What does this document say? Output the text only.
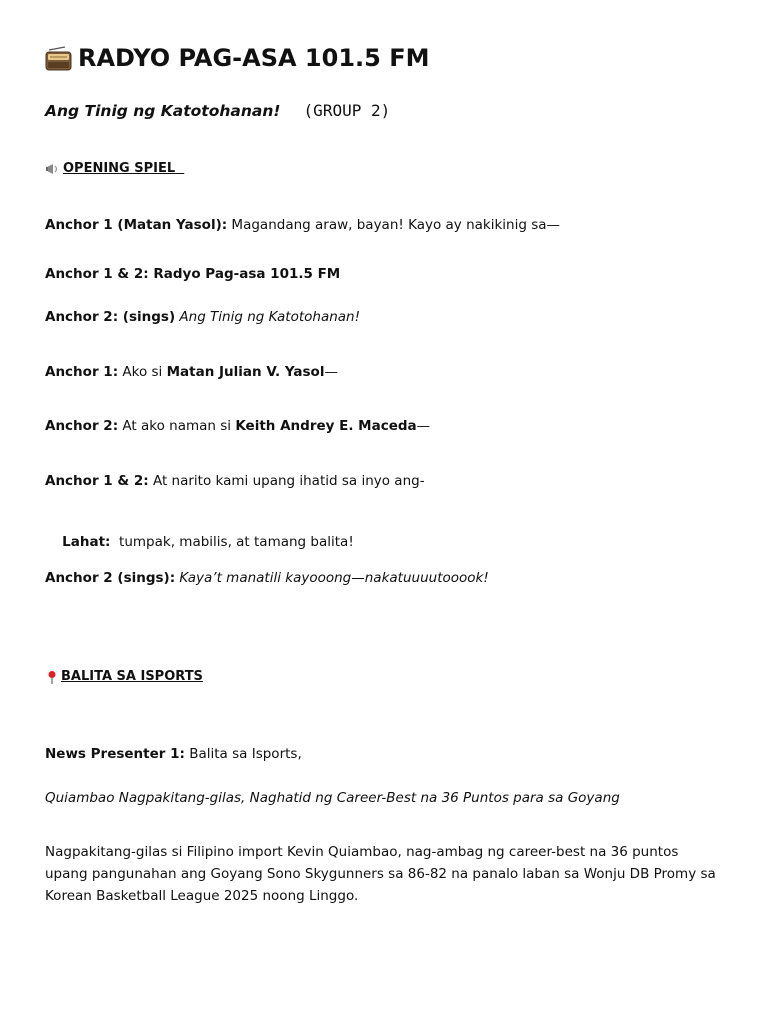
RADYO PAG-ASA 101.5 FM
Ang Tinig ng Katotohanan! (GROUP 2)
OPENING SPIEL

Anchor 1 (Matan Yasol): Magandang araw, bayan! Kayo ay nakikinig sa—
Anchor 1 & 2: Radyo Pag-asa 101.5 FM
Anchor 2: (sings) Ang Tinig ng Katotohanan!
Anchor 1: Ako si Matan Julian V. Yasol—
Anchor 2: At ako naman si Keith Andrey E. Maceda—
Anchor 1 & 2: At narito kami upang ihatid sa inyo ang-

Lahat:  tumpak, mabilis, at tamang balita!

Anchor 2 (sings): Kaya’t manatili kayooong—nakatuuuutooook!
BALITA SA ISPORTS
News Presenter 1: Balita sa Isports,
Quiambao Nagpakitang-gilas, Naghatid ng Career-Best na 36 Puntos para sa Goyang
Nagpakitang-gilas si Filipino import Kevin Quiambao, nag-ambag ng career-best na 36 puntos upang pangunahan ang Goyang Sono Skygunners sa 86-82 na panalo laban sa Wonju DB Promy sa Korean Basketball League 2025 noong Linggo.
